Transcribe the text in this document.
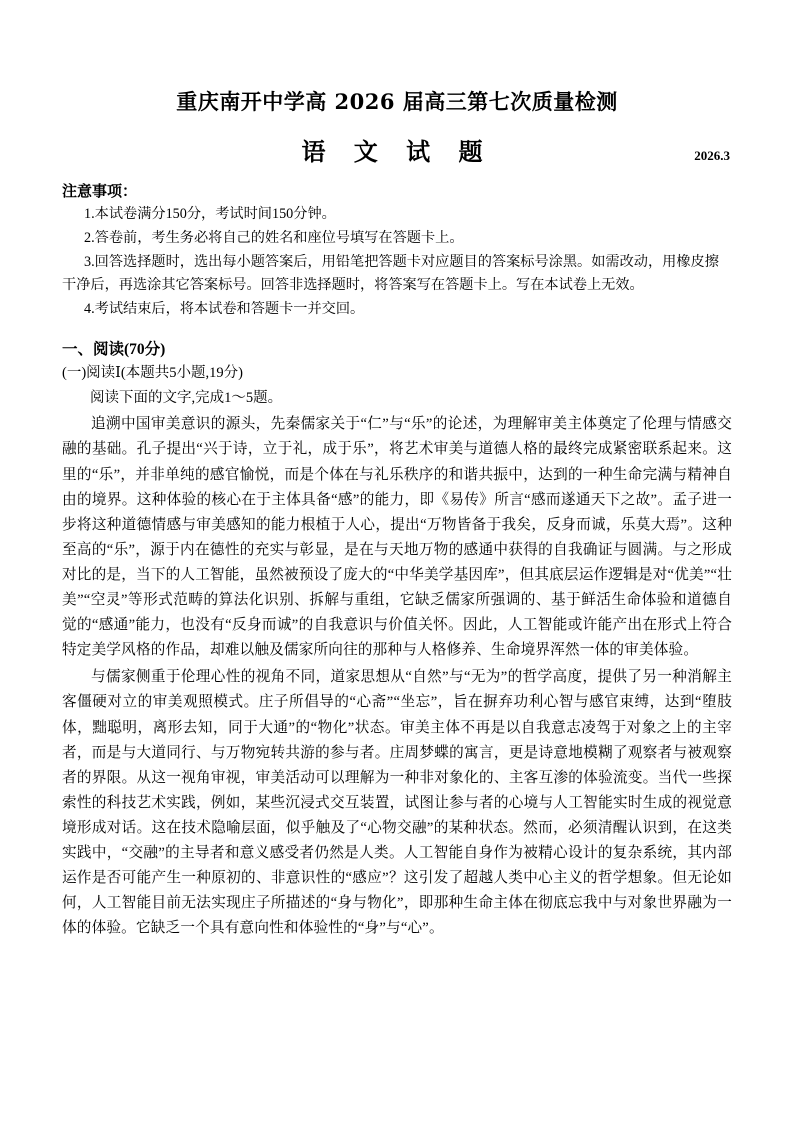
重庆南开中学高 2026 届高三第七次质量检测
语 文 试 题	2026.3
注意事项：
1.本试卷满分150分，考试时间150分钟。
2.答卷前，考生务必将自己的姓名和座位号填写在答题卡上。
3.回答选择题时，选出每小题答案后，用铅笔把答题卡对应题目的答案标号涂黑。如需改动，用橡皮擦干净后，再选涂其它答案标号。回答非选择题时，将答案写在答题卡上。写在本试卷上无效。
4.考试结束后，将本试卷和答题卡一并交回。
一、阅读(70分)
(一)阅读Ⅰ(本题共5小题,19分)
阅读下面的文字,完成1～5题。

追溯中国审美意识的源头，先秦儒家关于“仁”与“乐”的论述，为理解审美主体奠定了伦理与情感交融的基础。孔子提出“兴于诗，立于礼，成于乐”，将艺术审美与道德人格的最终完成紧密联系起来。这里的“乐”，并非单纯的感官愉悦，而是个体在与礼乐秩序的和谐共振中，达到的一种生命完满与精神自由的境界。这种体验的核心在于主体具备“感”的能力，即《易传》所言“感而遂通天下之故”。孟子进一步将这种道德情感与审美感知的能力根植于人心，提出“万物皆备于我矣，反身而诚，乐莫大焉”。这种至高的“乐”，源于内在德性的充实与彰显，是在与天地万物的感通中获得的自我确证与圆满。与之形成对比的是，当下的人工智能，虽然被预设了庞大的“中华美学基因库”，但其底层运作逻辑是对“优美”“壮美”“空灵”等形式范畴的算法化识别、拆解与重组，它缺乏儒家所强调的、基于鲜活生命体验和道德自觉的“感通”能力，也没有“反身而诚”的自我意识与价值关怀。因此，人工智能或许能产出在形式上符合特定美学风格的作品，却难以触及儒家所向往的那种与人格修养、生命境界浑然一体的审美体验。

与儒家侧重于伦理心性的视角不同，道家思想从“自然”与“无为”的哲学高度，提供了另一种消解主客僵硬对立的审美观照模式。庄子所倡导的“心斋”“坐忘”，旨在摒弃功利心智与感官束缚，达到“堕肢体，黜聪明，离形去知，同于大通”的“物化”状态。审美主体不再是以自我意志凌驾于对象之上的主宰者，而是与大道同行、与万物宛转共游的参与者。庄周梦蝶的寓言，更是诗意地模糊了观察者与被观察者的界限。从这一视角审视，审美活动可以理解为一种非对象化的、主客互渗的体验流变。当代一些探索性的科技艺术实践，例如，某些沉浸式交互装置，试图让参与者的心境与人工智能实时生成的视觉意境形成对话。这在技术隐喻层面，似乎触及了“心物交融”的某种状态。然而，必须清醒认识到，在这类实践中，“交融”的主导者和意义感受者仍然是人类。人工智能自身作为被精心设计的复杂系统，其内部运作是否可能产生一种原初的、非意识性的“感应”？这引发了超越人类中心主义的哲学想象。但无论如何，人工智能目前无法实现庄子所描述的“身与物化”，即那种生命主体在彻底忘我中与对象世界融为一体的体验。它缺乏一个具有意向性和体验性的“身”与“心”。
